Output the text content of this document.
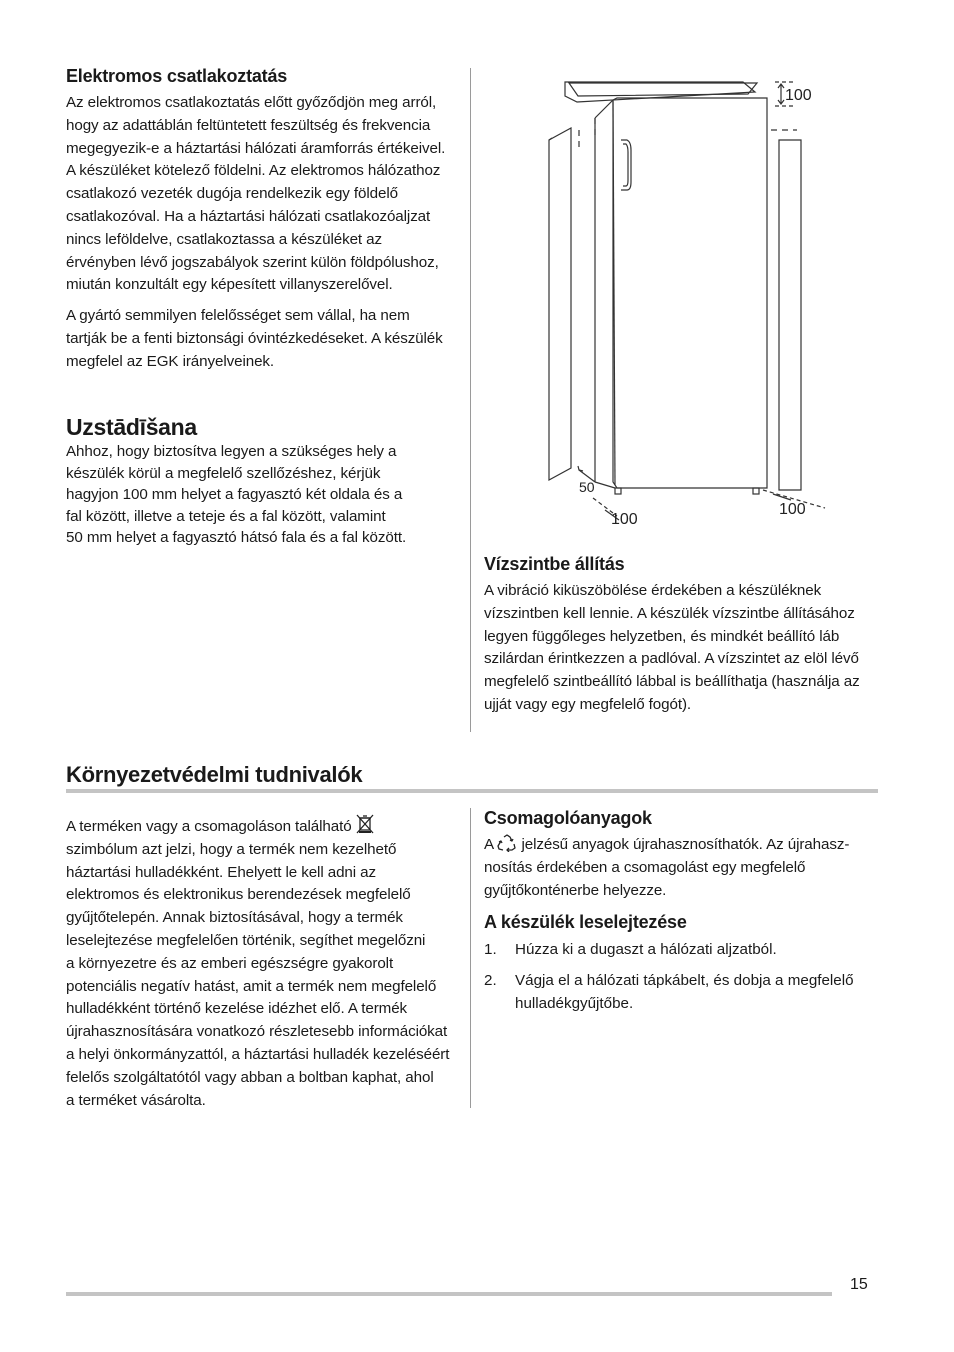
Elektromos csatlakoztatás

Az elektromos csatlakoztatás előtt győződjön meg arról,
hogy az adattáblán feltüntetett feszültség és frekvencia
megegyezik-e a háztartási hálózati áramforrás értékeivel.
A készüléket kötelező földelni. Az elektromos hálózathoz
csatlakozó vezeték dugója rendelkezik egy földelő
csatlakozóval. Ha a háztartási hálózati csatlakozóaljzat
nincs leföldelve, csatlakoztassa a készüléket az
érvényben lévő jogszabályok szerint külön földpólushoz,
miután konzultált egy képesített villanyszerelővel.

A gyártó semmilyen felelősséget sem vállal, ha nem
tartják be a fenti biztonsági óvintézkedéseket. A készülék
megfelel az EGK irányelveinek.

Uzstādīšana

Ahhoz, hogy biztosítva legyen a szükséges hely a
készülék körül a megfelelő szellőzéshez, kérjük
hagyjon 100 mm helyet a fagyasztó két oldala és a
fal között, illetve a teteje és a fal között, valamint
50 mm helyet a fagyasztó hátsó fala és a fal között.

100
50
100
100
Vízszintbe állítás

A vibráció kiküszöbölése érdekében a készüléknek
vízszintben kell lennie. A készülék vízszintbe állításához
legyen függőleges helyzetben, és mindkét beállító láb
szilárdan érintkezzen a padlóval. A vízszintet az elöl lévő
megfelelő szintbeállító lábbal is beállíthatja (használja az
ujját vagy egy megfelelő fogót).

Környezetvédelmi tudnivalók

A terméken vagy a csomagoláson található
szimbólum azt jelzi, hogy a termék nem kezelhető
háztartási hulladékként. Ehelyett le kell adni az
elektromos és elektronikus berendezések megfelelő
gyűjtőtelepén. Annak biztosításával, hogy a termék
leselejtezése megfelelően történik, segíthet megelőzni
a környezetre és az emberi egészségre gyakorolt
potenciális negatív hatást, amit a termék nem megfelelő
hulladékként történő kezelése idézhet elő. A termék
újrahasznosítására vonatkozó részletesebb információkat
a helyi önkormányzattól, a háztartási hulladék kezeléséért
felelős szolgáltatótól vagy abban a boltban kaphat, ahol
a terméket vásárolta.

Csomagolóanyagok

A jelzésű anyagok újrahasznosíthatók. Az újrahasz-
nosítás érdekében a csomagolást egy megfelelő
gyűjtőkonténerbe helyezze.

A készülék leselejtezése
1. Húzza ki a dugaszt a hálózati aljzatból.
2. Vágja el a hálózati tápkábelt, és dobja a megfelelő
hulladékgyűjtőbe.
15
